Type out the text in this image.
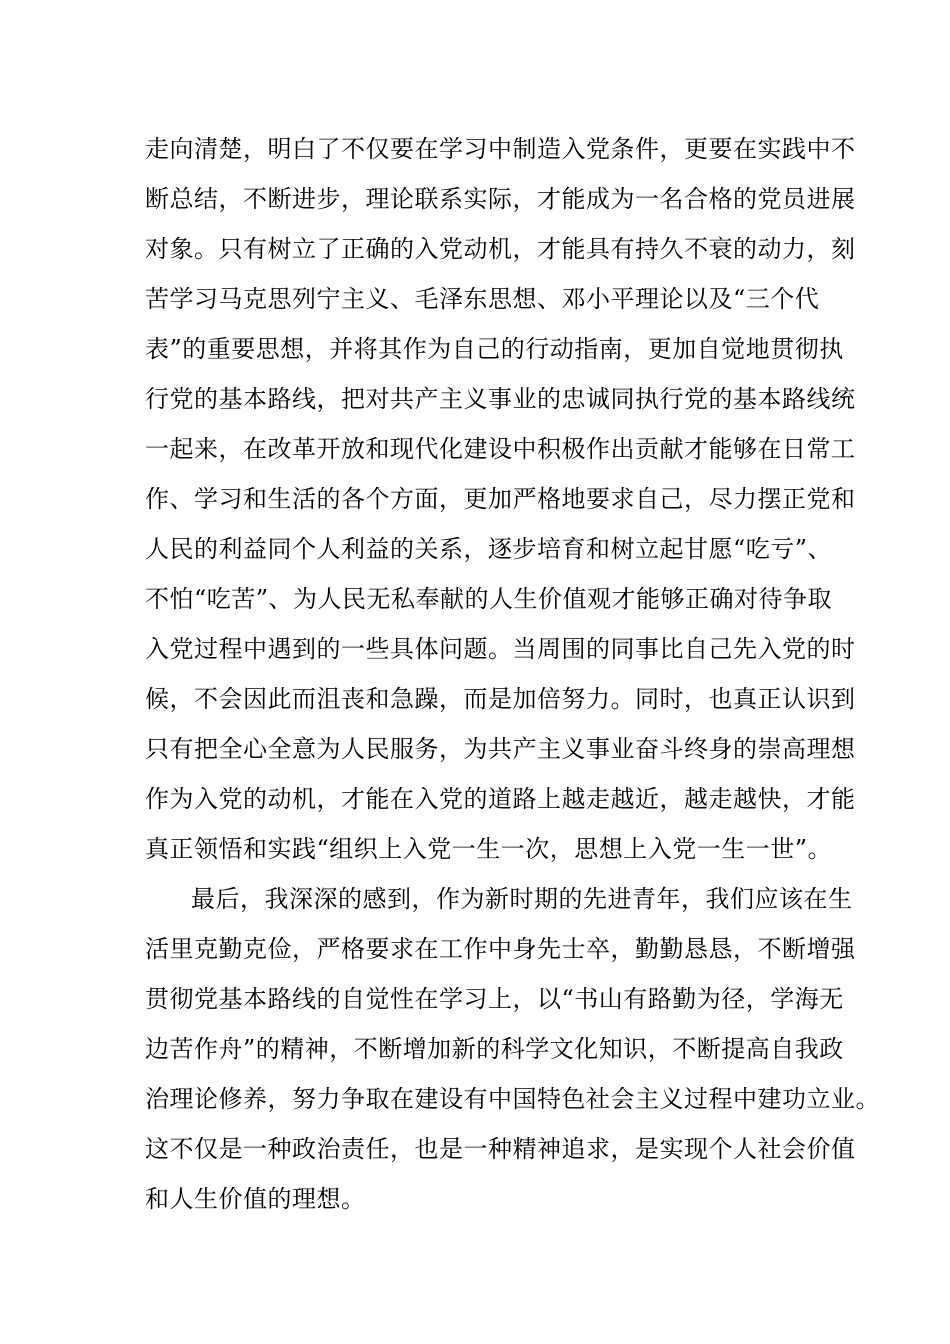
走向清楚，明白了不仅要在学习中制造入党条件，更要在实践中不
断总结，不断进步，理论联系实际，才能成为一名合格的党员进展
对象。只有树立了正确的入党动机，才能具有持久不衰的动力，刻
苦学习马克思列宁主义、毛泽东思想、邓小平理论以及“三个代
表”的重要思想，并将其作为自己的行动指南，更加自觉地贯彻执
行党的基本路线，把对共产主义事业的忠诚同执行党的基本路线统
一起来，在改革开放和现代化建设中积极作出贡献才能够在日常工
作、学习和生活的各个方面，更加严格地要求自己，尽力摆正党和
人民的利益同个人利益的关系，逐步培育和树立起甘愿“吃亏”、
不怕“吃苦”、为人民无私奉献的人生价值观才能够正确对待争取
入党过程中遇到的一些具体问题。当周围的同事比自己先入党的时
候，不会因此而沮丧和急躁，而是加倍努力。同时，也真正认识到
只有把全心全意为人民服务，为共产主义事业奋斗终身的崇高理想
作为入党的动机，才能在入党的道路上越走越近，越走越快，才能
真正领悟和实践“组织上入党一生一次，思想上入党一生一世”。
最后，我深深的感到，作为新时期的先进青年，我们应该在生
活里克勤克俭，严格要求在工作中身先士卒，勤勤恳恳，不断增强
贯彻党基本路线的自觉性在学习上，以“书山有路勤为径，学海无
边苦作舟”的精神，不断增加新的科学文化知识，不断提高自我政
治理论修养，努力争取在建设有中国特色社会主义过程中建功立业。
这不仅是一种政治责任，也是一种精神追求，是实现个人社会价值
和人生价值的理想。
